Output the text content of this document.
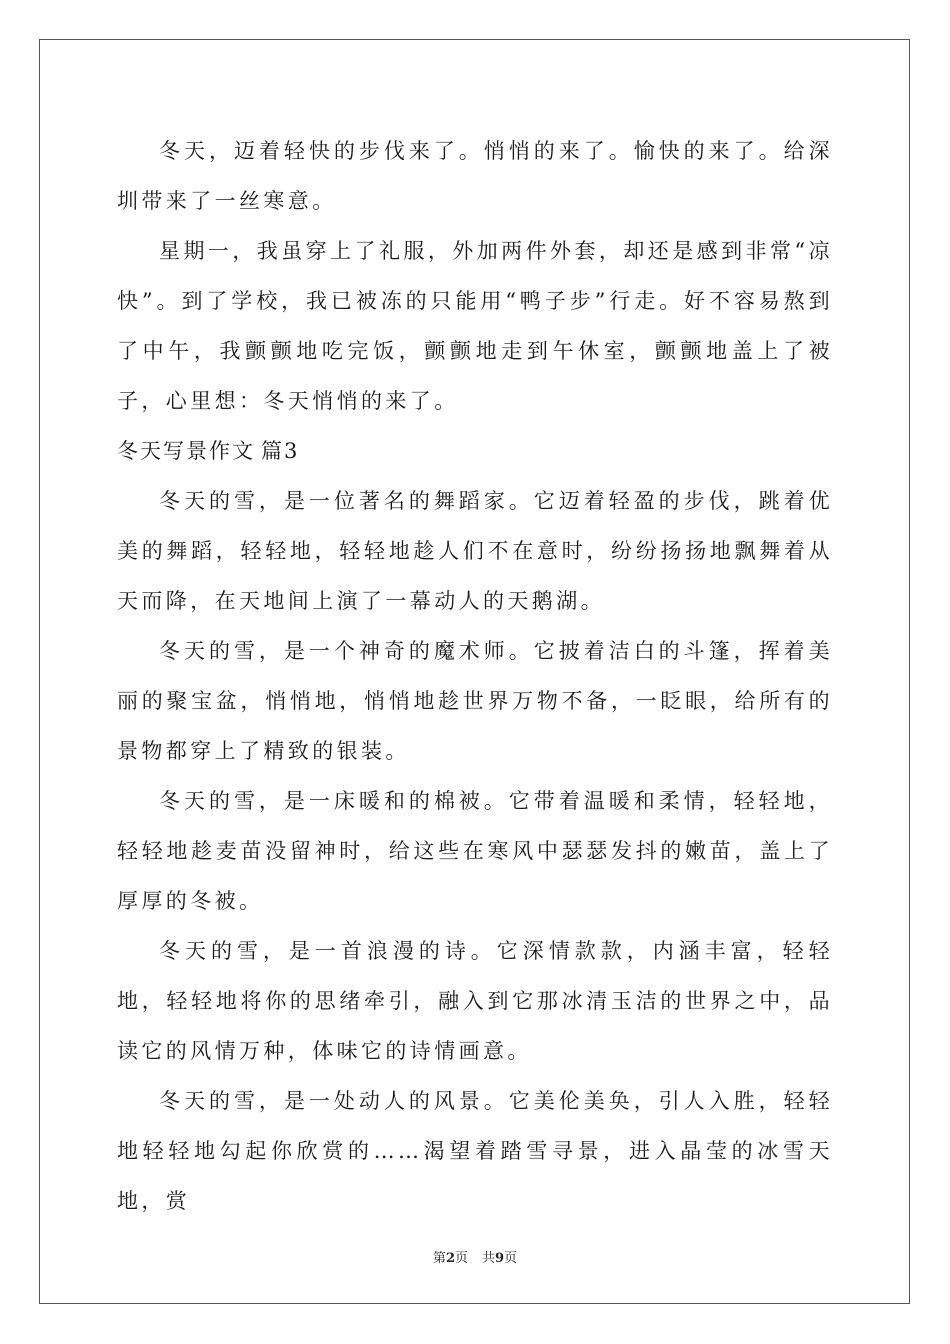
冬天，迈着轻快的步伐来了。悄悄的来了。愉快的来了。给深圳带来了一丝寒意。

星期一，我虽穿上了礼服，外加两件外套，却还是感到非常“凉快”。到了学校，我已被冻的只能用“鸭子步”行走。好不容易熬到了中午，我颤颤地吃完饭，颤颤地走到午休室，颤颤地盖上了被子，心里想：冬天悄悄的来了。

冬天写景作文 篇3

冬天的雪，是一位著名的舞蹈家。它迈着轻盈的步伐，跳着优美的舞蹈，轻轻地，轻轻地趁人们不在意时，纷纷扬扬地飘舞着从天而降，在天地间上演了一幕动人的天鹅湖。

冬天的雪，是一个神奇的魔术师。它披着洁白的斗篷，挥着美丽的聚宝盆，悄悄地，悄悄地趁世界万物不备，一眨眼，给所有的景物都穿上了精致的银装。

冬天的雪，是一床暖和的棉被。它带着温暖和柔情，轻轻地，轻轻地趁麦苗没留神时，给这些在寒风中瑟瑟发抖的嫩苗，盖上了厚厚的冬被。

冬天的雪，是一首浪漫的诗。它深情款款，内涵丰富，轻轻地，轻轻地将你的思绪牵引，融入到它那冰清玉洁的世界之中，品读它的风情万种，体味它的诗情画意。

冬天的雪，是一处动人的风景。它美伦美奂，引人入胜，轻轻地轻轻地勾起你欣赏的……渴望着踏雪寻景，进入晶莹的冰雪天地，赏

第2页 共9页
